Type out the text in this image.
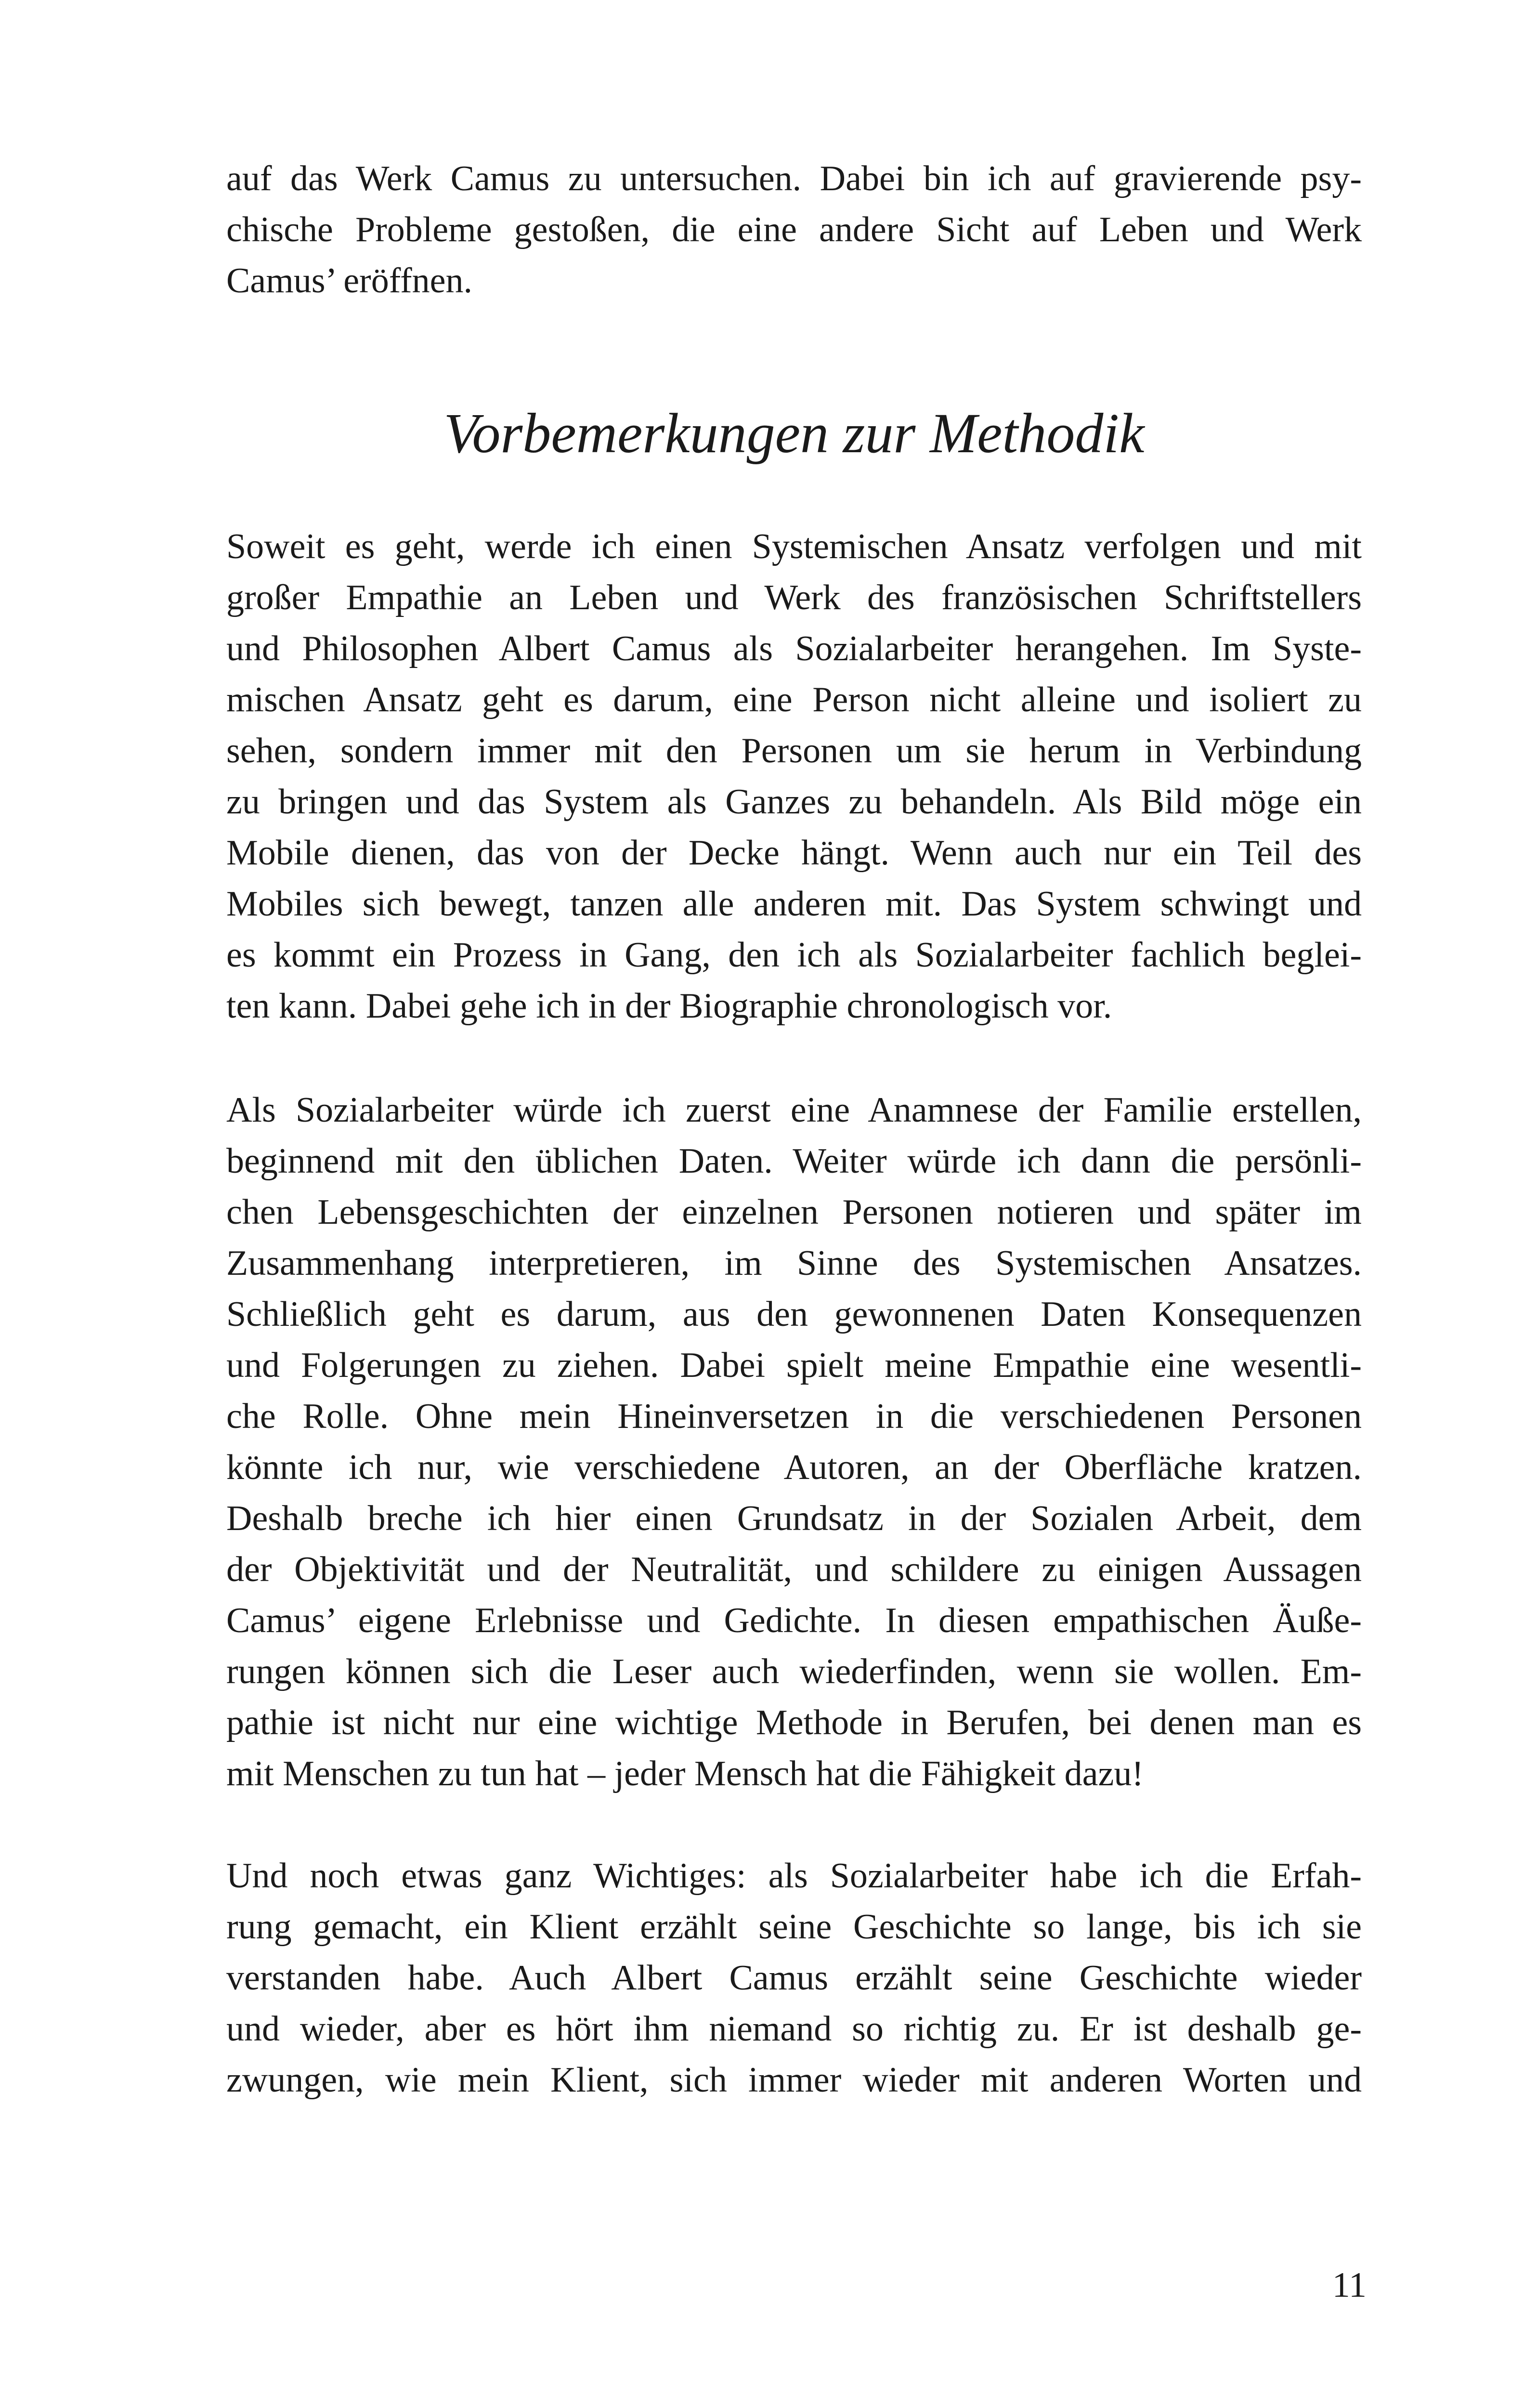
auf das Werk Camus zu untersuchen. Dabei bin ich auf gravierende psy-
chische Probleme gestoßen, die eine andere Sicht auf Leben und Werk
Camus’ eröffnen.
Vorbemerkungen zur Methodik
Soweit es geht, werde ich einen Systemischen Ansatz verfolgen und mit
großer Empathie an Leben und Werk des französischen Schriftstellers
und Philosophen Albert Camus als Sozialarbeiter herangehen. Im Syste-
mischen Ansatz geht es darum, eine Person nicht alleine und isoliert zu
sehen, sondern immer mit den Personen um sie herum in Verbindung
zu bringen und das System als Ganzes zu behandeln. Als Bild möge ein
Mobile dienen, das von der Decke hängt. Wenn auch nur ein Teil des
Mobiles sich bewegt, tanzen alle anderen mit. Das System schwingt und
es kommt ein Prozess in Gang, den ich als Sozialarbeiter fachlich beglei-
ten kann. Dabei gehe ich in der Biographie chronologisch vor.
Als Sozialarbeiter würde ich zuerst eine Anamnese der Familie erstellen,
beginnend mit den üblichen Daten. Weiter würde ich dann die persönli-
chen Lebensgeschichten der einzelnen Personen notieren und später im
Zusammenhang interpretieren, im Sinne des Systemischen Ansatzes.
Schließlich geht es darum, aus den gewonnenen Daten Konsequenzen
und Folgerungen zu ziehen. Dabei spielt meine Empathie eine wesentli-
che Rolle. Ohne mein Hineinversetzen in die verschiedenen Personen
könnte ich nur, wie verschiedene Autoren, an der Oberfläche kratzen.
Deshalb breche ich hier einen Grundsatz in der Sozialen Arbeit, dem
der Objektivität und der Neutralität, und schildere zu einigen Aussagen
Camus’ eigene Erlebnisse und Gedichte. In diesen empathischen Äuße-
rungen können sich die Leser auch wiederfinden, wenn sie wollen. Em-
pathie ist nicht nur eine wichtige Methode in Berufen, bei denen man es
mit Menschen zu tun hat – jeder Mensch hat die Fähigkeit dazu!
Und noch etwas ganz Wichtiges: als Sozialarbeiter habe ich die Erfah-
rung gemacht, ein Klient erzählt seine Geschichte so lange, bis ich sie
verstanden habe. Auch Albert Camus erzählt seine Geschichte wieder
und wieder, aber es hört ihm niemand so richtig zu. Er ist deshalb ge-
zwungen, wie mein Klient, sich immer wieder mit anderen Worten und
11
